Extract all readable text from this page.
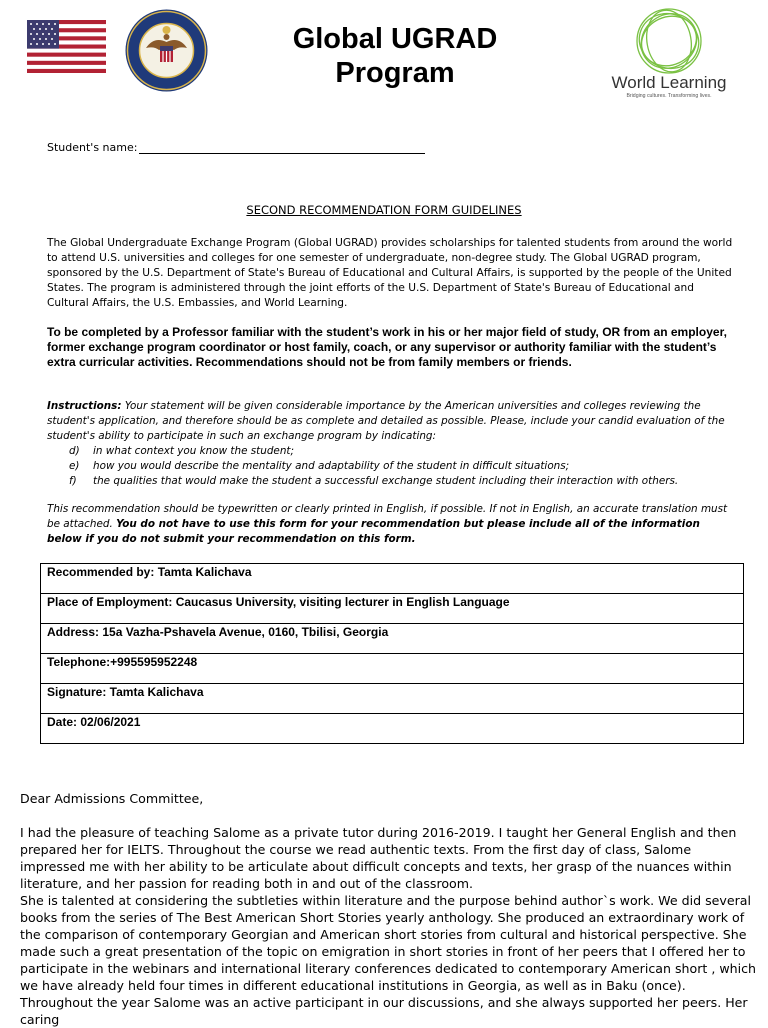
Global UGRAD
Program	World Learning
Bridging cultures. Transforming lives.
Student's name:
SECOND RECOMMENDATION FORM GUIDELINES
The Global Undergraduate Exchange Program (Global UGRAD) provides scholarships for talented students from around the world to attend U.S. universities and colleges for one semester of undergraduate, non-degree study. The Global UGRAD program, sponsored by the U.S. Department of State's Bureau of Educational and Cultural Affairs, is supported by the people of the United States. The program is administered through the joint efforts of the U.S. Department of State's Bureau of Educational and Cultural Affairs, the U.S. Embassies, and World Learning.
To be completed by a Professor familiar with the student’s work in his or her major field of study, OR from an employer, former exchange program coordinator or host family, coach, or any supervisor or authority familiar with the student’s extra curricular activities. Recommendations should not be from family members or friends.
Instructions: Your statement will be given considerable importance by the American universities and colleges reviewing the student's application, and therefore should be as complete and detailed as possible. Please, include your candid evaluation of the student's ability to participate in such an exchange program by indicating:
d) in what context you know the student;
e) how you would describe the mentality and adaptability of the student in difficult situations;
f) the qualities that would make the student a successful exchange student including their interaction with others.
This recommendation should be typewritten or clearly printed in English, if possible. If not in English, an accurate translation must be attached. You do not have to use this form for your recommendation but please include all of the information below if you do not submit your recommendation on this form.
Recommended by: Tamta Kalichava
Place of Employment: Caucasus University, visiting lecturer in English Language
Address: 15a Vazha-Pshavela Avenue, 0160, Tbilisi, Georgia
Telephone:+995595952248
Signature: Tamta Kalichava
Date: 02/06/2021

Dear Admissions Committee,

I had the pleasure of teaching Salome as a private tutor during 2016-2019. I taught her General English and then prepared her for IELTS. Throughout the course we read authentic texts. From the first day of class, Salome impressed me with her ability to be articulate about difficult concepts and texts, her grasp of the nuances within literature, and her passion for reading both in and out of the classroom.

She is talented at considering the subtleties within literature and the purpose behind author`s work. We did several books from the series of The Best American Short Stories yearly anthology. She produced an extraordinary work of the comparison of contemporary Georgian and American short stories from cultural and historical perspective. She made such a great presentation of the topic on emigration in short stories in front of her peers that I offered her to participate in the webinars and international literary conferences dedicated to contemporary American short , which we have already held four times in different educational institutions in Georgia, as well as in Baku (once).

Throughout the year Salome was an active participant in our discussions, and she always supported her peers. Her caring
